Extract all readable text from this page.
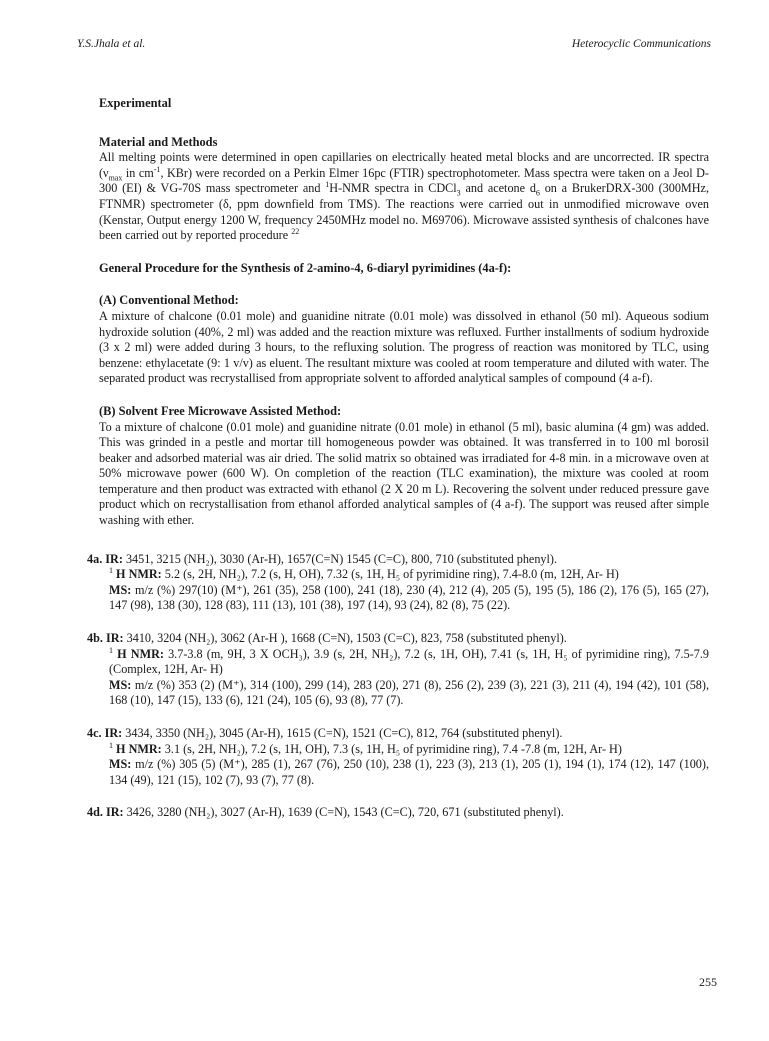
Y.S.Jhala et al.	Heterocyclic Communications
Experimental
Material and Methods

All melting points were determined in open capillaries on electrically heated metal blocks and are uncorrected. IR spectra ($\nu_{max}$ in $cm^{-1}$, KBr) were recorded on a Perkin Elmer 16pc (FTIR) spectrophotometer. Mass spectra were taken on a Jeol D-300 (EI) & VG-70S mass spectrometer and $^1$H-NMR spectra in CDCl$_3$ and acetone $d_6$ on a BrukerDRX-300 (300MHz, FTNMR) spectrometer (δ, ppm downfield from TMS). The reactions were carried out in unmodified microwave oven (Kenstar, Output energy 1200 W, frequency 2450MHz model no. M69706). Microwave assisted synthesis of chalcones have been carried out by reported procedure $^{22}$

General Procedure for the Synthesis of 2-amino-4, 6-diaryl pyrimidines (4a-f):
(A) Conventional Method:

A mixture of chalcone (0.01 mole) and guanidine nitrate (0.01 mole) was dissolved in ethanol (50 ml). Aqueous sodium hydroxide solution (40%, 2 ml) was added and the reaction mixture was refluxed. Further installments of sodium hydroxide (3 x 2 ml) were added during 3 hours, to the refluxing solution. The progress of reaction was monitored by TLC, using benzene: ethylacetate (9: 1 v/v) as eluent. The resultant mixture was cooled at room temperature and diluted with water. The separated product was recrystallised from appropriate solvent to afforded analytical samples of compound (4 a-f).

(B) Solvent Free Microwave Assisted Method:

To a mixture of chalcone (0.01 mole) and guanidine nitrate (0.01 mole) in ethanol (5 ml), basic alumina (4 gm) was added. This was grinded in a pestle and mortar till homogeneous powder was obtained. It was transferred in to 100 ml borosil beaker and adsorbed material was air dried. The solid matrix so obtained was irradiated for 4-8 min. in a microwave oven at 50% microwave power (600 W). On completion of the reaction (TLC examination), the mixture was cooled at room temperature and then product was extracted with ethanol (2 X 20 m L). Recovering the solvent under reduced pressure gave product which on recrystallisation from ethanol afforded analytical samples of (4 a-f). The support was reused after simple washing with ether.

4a. IR: 3451, 3215 (NH₂), 3030 (Ar-H), 1657(C=N) 1545 (C=C), 800, 710 (substituted phenyl).

$^1$ H NMR: 5.2 (s, 2H, NH₂), 7.2 (s, H, OH), 7.32 (s, 1H, H₅ of pyrimidine ring), 7.4-8.0 (m, 12H, Ar- H)

MS: m/z (%) 297(10) (M⁺), 261 (35), 258 (100), 241 (18), 230 (4), 212 (4), 205 (5), 195 (5), 186 (2), 176 (5), 165 (27), 147 (98), 138 (30), 128 (83), 111 (13), 101 (38), 197 (14), 93 (24), 82 (8), 75 (22).

4b. IR: 3410, 3204 (NH₂), 3062 (Ar-H ), 1668 (C=N), 1503 (C=C), 823, 758 (substituted phenyl).

$^1$ H NMR: 3.7-3.8 (m, 9H, 3 X OCH₃), 3.9 (s, 2H, NH₂), 7.2 (s, 1H, OH), 7.41 (s, 1H, H₅ of pyrimidine ring), 7.5-7.9 (Complex, 12H, Ar- H)

MS: m/z (%) 353 (2) (M⁺), 314 (100), 299 (14), 283 (20), 271 (8), 256 (2), 239 (3), 221 (3), 211 (4), 194 (42), 101 (58), 168 (10), 147 (15), 133 (6), 121 (24), 105 (6), 93 (8), 77 (7).

4c. IR: 3434, 3350 (NH₂), 3045 (Ar-H), 1615 (C=N), 1521 (C=C), 812, 764 (substituted phenyl).

$^1$ H NMR: 3.1 (s, 2H, NH₂), 7.2 (s, 1H, OH), 7.3 (s, 1H, H₅ of pyrimidine ring), 7.4 -7.8 (m, 12H, Ar- H)

MS: m/z (%) 305 (5) (M⁺), 285 (1), 267 (76), 250 (10), 238 (1), 223 (3), 213 (1), 205 (1), 194 (1), 174 (12), 147 (100), 134 (49), 121 (15), 102 (7), 93 (7), 77 (8).

4d. IR: 3426, 3280 (NH₂), 3027 (Ar-H), 1639 (C=N), 1543 (C=C), 720, 671 (substituted phenyl).

255
